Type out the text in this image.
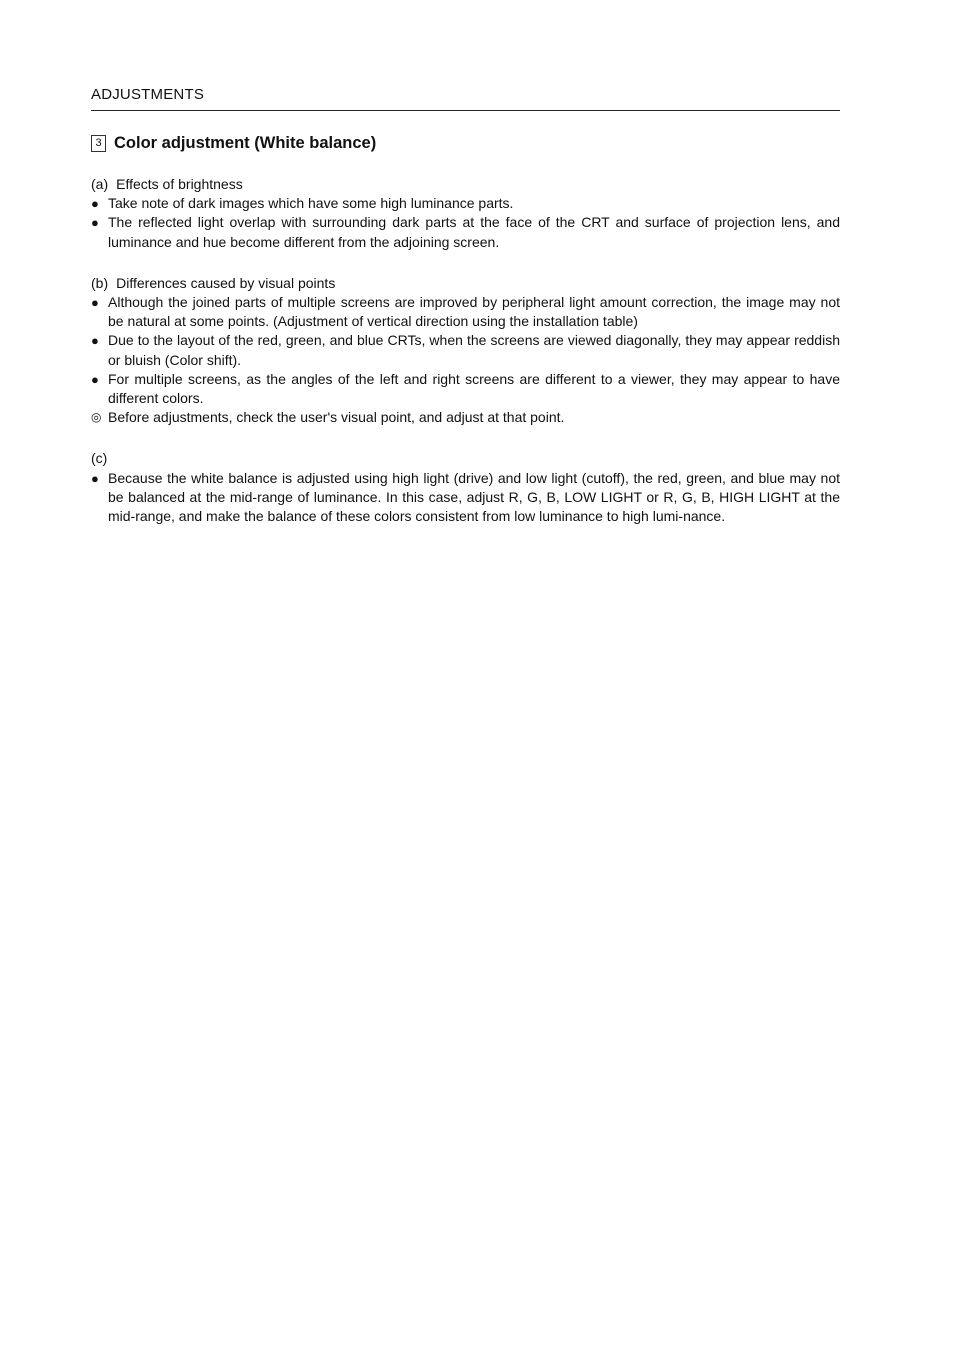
ADJUSTMENTS
3 Color adjustment (White balance)
(a) Effects of brightness
● Take note of dark images which have some high luminance parts.
● The reflected light overlap with surrounding dark parts at the face of the CRT and surface of projection lens, and luminance and hue become different from the adjoining screen.
(b) Differences caused by visual points
● Although the joined parts of multiple screens are improved by peripheral light amount correction, the image may not be natural at some points. (Adjustment of vertical direction using the installation table)
● Due to the layout of the red, green, and blue CRTs, when the screens are viewed diagonally, they may appear reddish or bluish (Color shift).
● For multiple screens, as the angles of the left and right screens are different to a viewer, they may appear to have different colors.
◎ Before adjustments, check the user's visual point, and adjust at that point.
(c)
● Because the white balance is adjusted using high light (drive) and low light (cutoff), the red, green, and blue may not be balanced at the mid-range of luminance. In this case, adjust R, G, B, LOW LIGHT or R, G, B, HIGH LIGHT at the mid-range, and make the balance of these colors consistent from low luminance to high lumi-nance.
